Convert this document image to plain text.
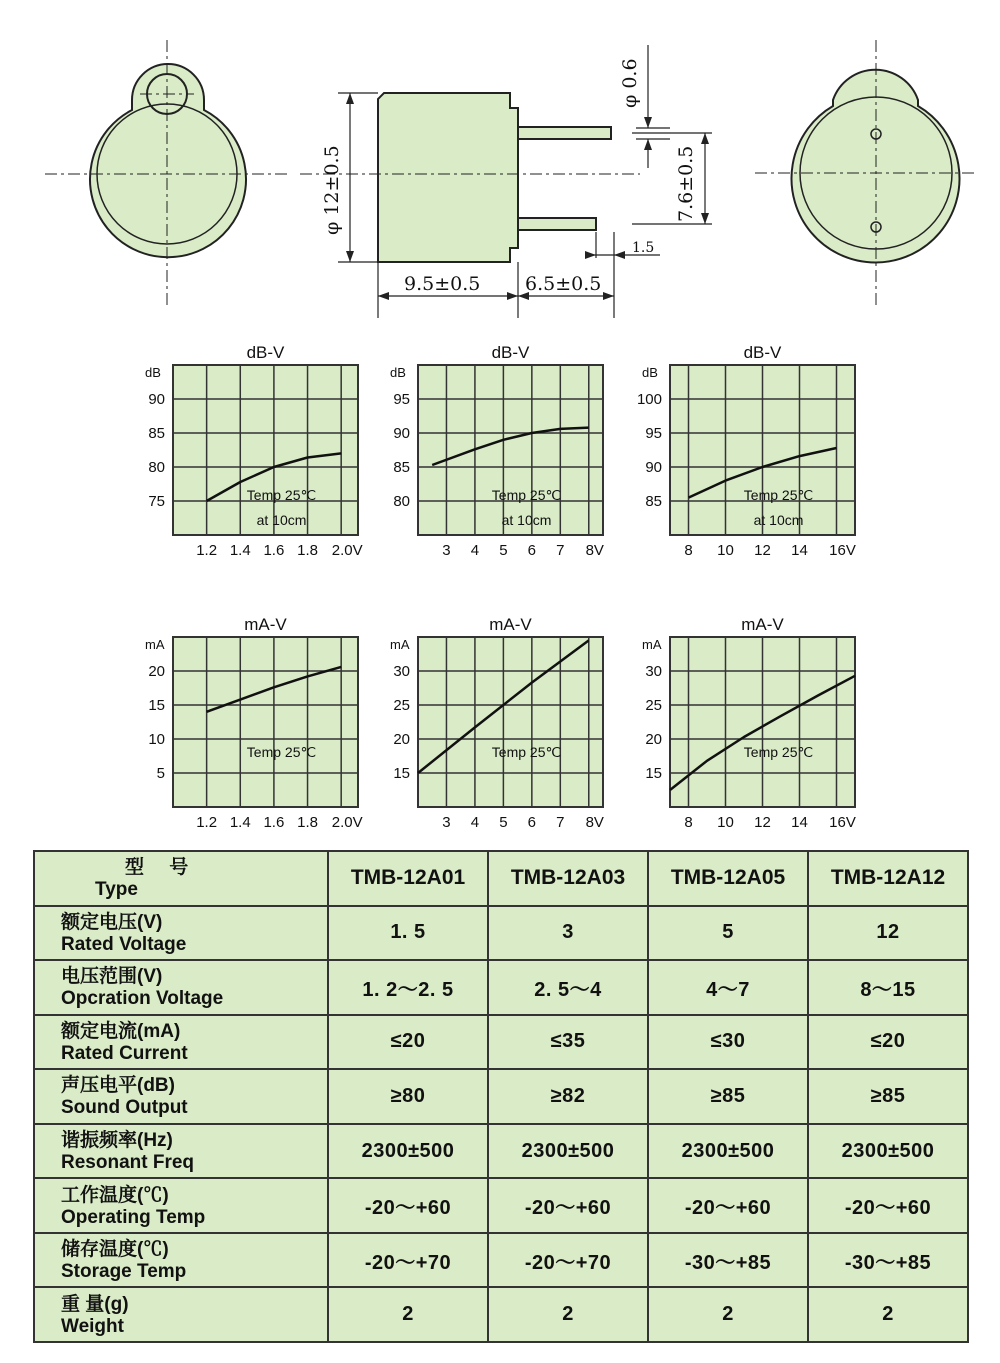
φ 12±0.5
9.5±0.5 6.5±0.5
φ 0.6
7.6±0.5
1.5
dB-V
dB
75
80
85
90
1.2 1.4 1.6 1.8 2.0V
Temp 25℃
at 10cm
dB-V
dB
80
85
90
95
3 4 5 6 7 8V
Temp 25℃
at 10cm
dB-V
dB
85
90
95
100
8 10 12 14 16V
Temp 25℃
at 10cm
mA-V
mA
5
10
15
20
1.2 1.4 1.6 1.8 2.0V
Temp 25℃
mA-V
mA
15
20
25
30
3 4 5 6 7 8V
Temp 25℃
mA-V
mA
15
20
25
30
8 10 12 14 16V
Temp 25℃
型 号
Type	TMB-12A01	TMB-12A03	TMB-12A05	TMB-12A12

额定电压(V)
Rated Voltage	1. 5	3	5	12

电压范围(V)
Opcration Voltage	1. 2～2. 5	2. 5～4	4～7	8～15

额定电流(mA)
Rated Current	≤20	≤35	≤30	≤20

声压电平(dB)
Sound Output	≥80	≥82	≥85	≥85

谐振频率(Hz)
Resonant Freq	2300±500	2300±500	2300±500	2300±500

工作温度(℃)
Operating Temp	-20～+60	-20～+60	-20～+60	-20～+60

储存温度(℃)
Storage Temp	-20～+70	-20～+70	-30～+85	-30～+85

重 量(g)
Weight	2	2	2	2
